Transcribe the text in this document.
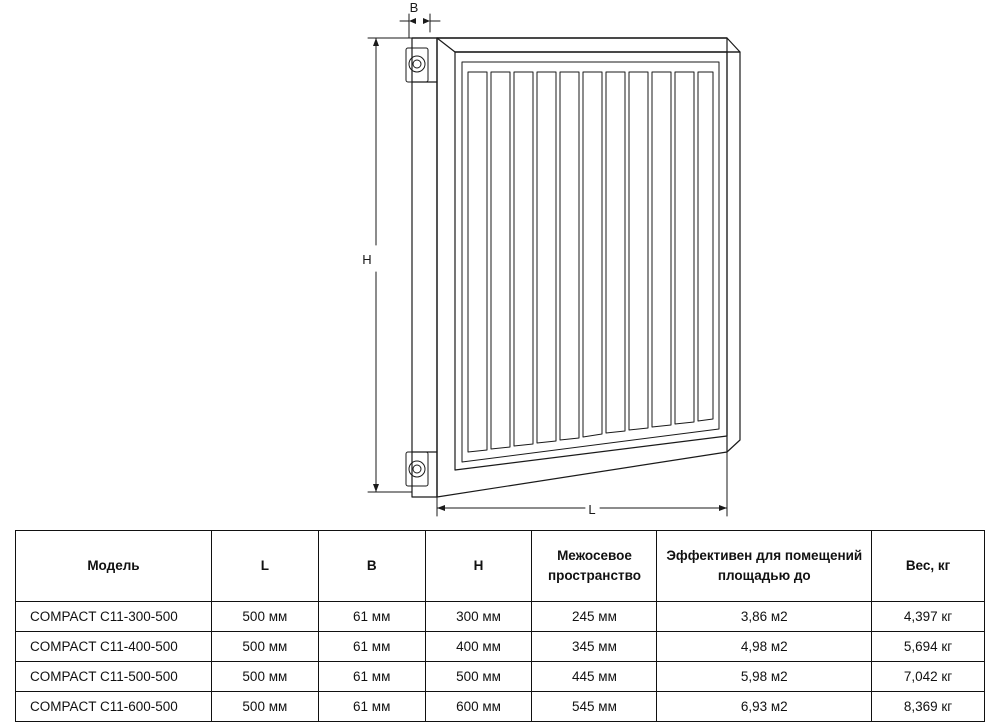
B
H
L
Модель	L	B	H	Межосевое пространство	Эффективен для помещений площадью до	Вес, кг
COMPACT C11-300-500	500 мм	61 мм	300 мм	245 мм	3,86 м2	4,397 кг
COMPACT C11-400-500	500 мм	61 мм	400 мм	345 мм	4,98 м2	5,694 кг
COMPACT C11-500-500	500 мм	61 мм	500 мм	445 мм	5,98 м2	7,042 кг
COMPACT C11-600-500	500 мм	61 мм	600 мм	545 мм	6,93 м2	8,369 кг
